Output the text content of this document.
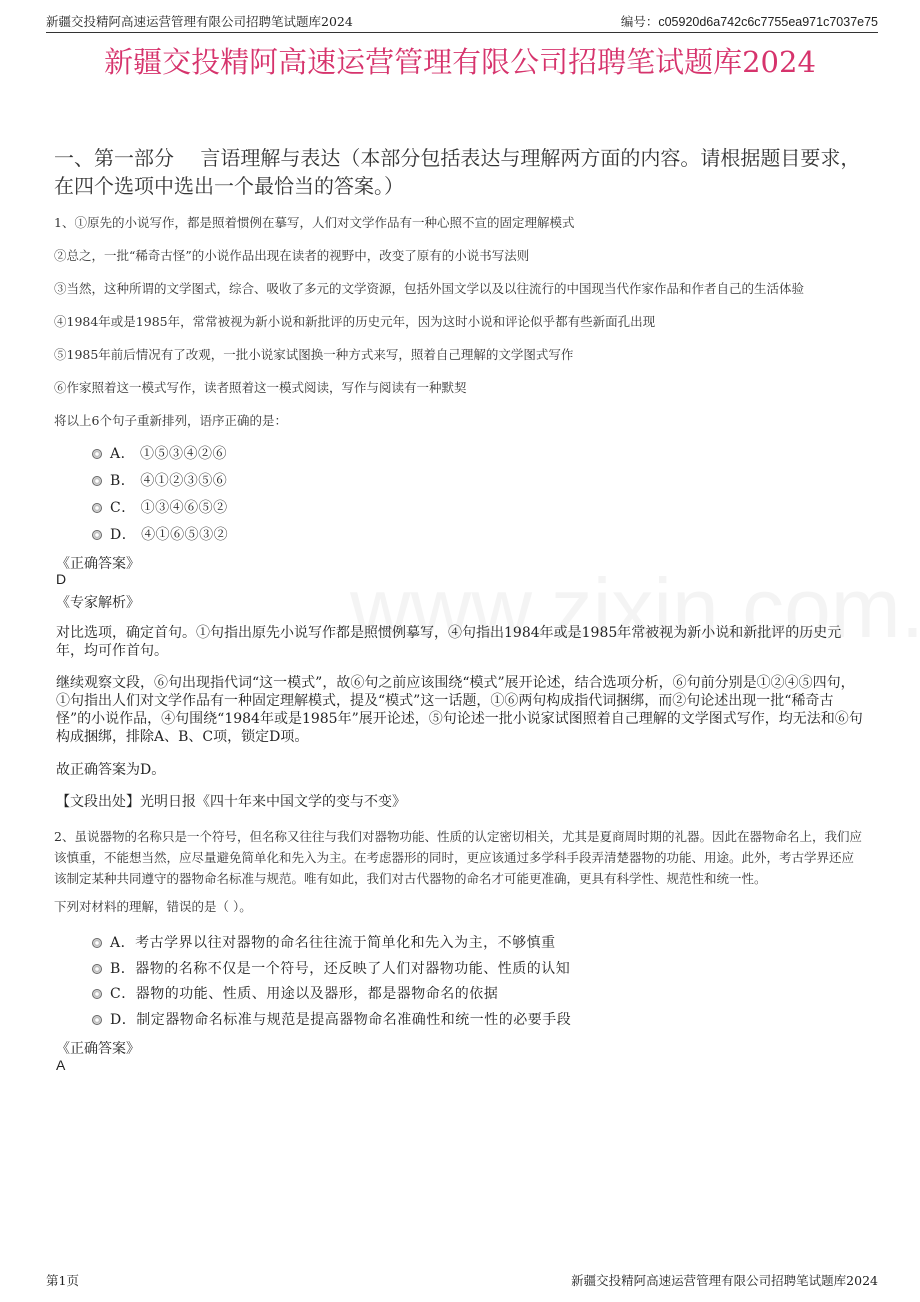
新疆交投精阿高速运营管理有限公司招聘笔试题库2024	编号：c05920d6a742c6c7755ea971c7037e75
新疆交投精阿高速运营管理有限公司招聘笔试题库2024
一、第一部分　 言语理解与表达（本部分包括表达与理解两方面的内容。请根据题目要求，在四个选项中选出一个最恰当的答案。）
1、①原先的小说写作，都是照着惯例在摹写，人们对文学作品有一种心照不宣的固定理解模式
②总之，一批“稀奇古怪”的小说作品出现在读者的视野中，改变了原有的小说书写法则
③当然，这种所谓的文学图式，综合、吸收了多元的文学资源，包括外国文学以及以往流行的中国现当代作家作品和作者自己的生活体验
④1984年或是1985年，常常被视为新小说和新批评的历史元年，因为这时小说和评论似乎都有些新面孔出现
⑤1985年前后情况有了改观，一批小说家试图换一种方式来写，照着自己理解的文学图式写作
⑥作家照着这一模式写作，读者照着这一模式阅读，写作与阅读有一种默契
将以上6个句子重新排列，语序正确的是：
A． ①⑤③④②⑥
B． ④①②③⑤⑥
C． ①③④⑥⑤②
D． ④①⑥⑤③②
《正确答案》
D
《专家解析》
对比选项，确定首句。①句指出原先小说写作都是照惯例摹写，④句指出1984年或是1985年常被视为新小说和新批评的历史元年，均可作首句。
继续观察文段，⑥句出现指代词“这一模式”，故⑥句之前应该围绕“模式”展开论述，结合选项分析，⑥句前分别是①②④⑤四句，①句指出人们对文学作品有一种固定理解模式，提及“模式”这一话题，①⑥两句构成指代词捆绑，而②句论述出现一批“稀奇古怪”的小说作品，④句围绕“1984年或是1985年”展开论述，⑤句论述一批小说家试图照着自己理解的文学图式写作，均无法和⑥句构成捆绑，排除A、B、C项，锁定D项。
故正确答案为D。
【文段出处】光明日报《四十年来中国文学的变与不变》
2、虽说器物的名称只是一个符号，但名称又往往与我们对器物功能、性质的认定密切相关，尤其是夏商周时期的礼器。因此在器物命名上，我们应该慎重，不能想当然，应尽量避免简单化和先入为主。在考虑器形的同时，更应该通过多学科手段弄清楚器物的功能、用途。此外，考古学界还应该制定某种共同遵守的器物命名标准与规范。唯有如此，我们对古代器物的命名才可能更准确，更具有科学性、规范性和统一性。
下列对材料的理解，错误的是（ ）。
A．考古学界以往对器物的命名往往流于简单化和先入为主，不够慎重
B．器物的名称不仅是一个符号，还反映了人们对器物功能、性质的认知
C．器物的功能、性质、用途以及器形，都是器物命名的依据
D．制定器物命名标准与规范是提高器物命名准确性和统一性的必要手段
《正确答案》
A
第1页	新疆交投精阿高速运营管理有限公司招聘笔试题库2024
